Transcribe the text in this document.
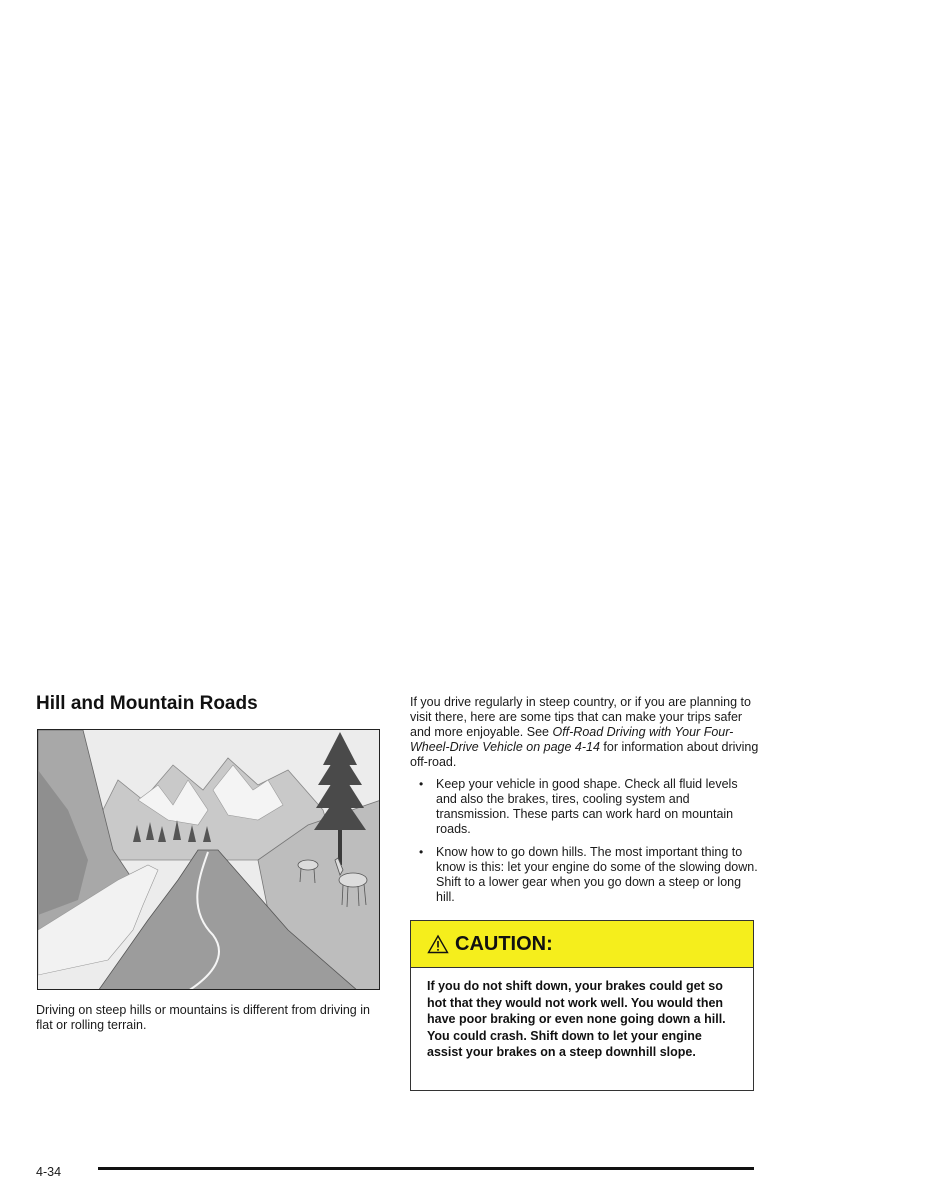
Hill and Mountain Roads

Driving on steep hills or mountains is different from driving in flat or rolling terrain.

If you drive regularly in steep country, or if you are planning to visit there, here are some tips that can make your trips safer and more enjoyable. See Off-Road Driving with Your Four-Wheel-Drive Vehicle on page 4-14 for information about driving off-road.

• Keep your vehicle in good shape. Check all fluid levels and also the brakes, tires, cooling system and transmission. These parts can work hard on mountain roads.
• Know how to go down hills. The most important thing to know is this: let your engine do some of the slowing down. Shift to a lower gear when you go down a steep or long hill.
CAUTION:

If you do not shift down, your brakes could get so hot that they would not work well. You would then have poor braking or even none going down a hill. You could crash. Shift down to let your engine assist your brakes on a steep downhill slope.

4-34
